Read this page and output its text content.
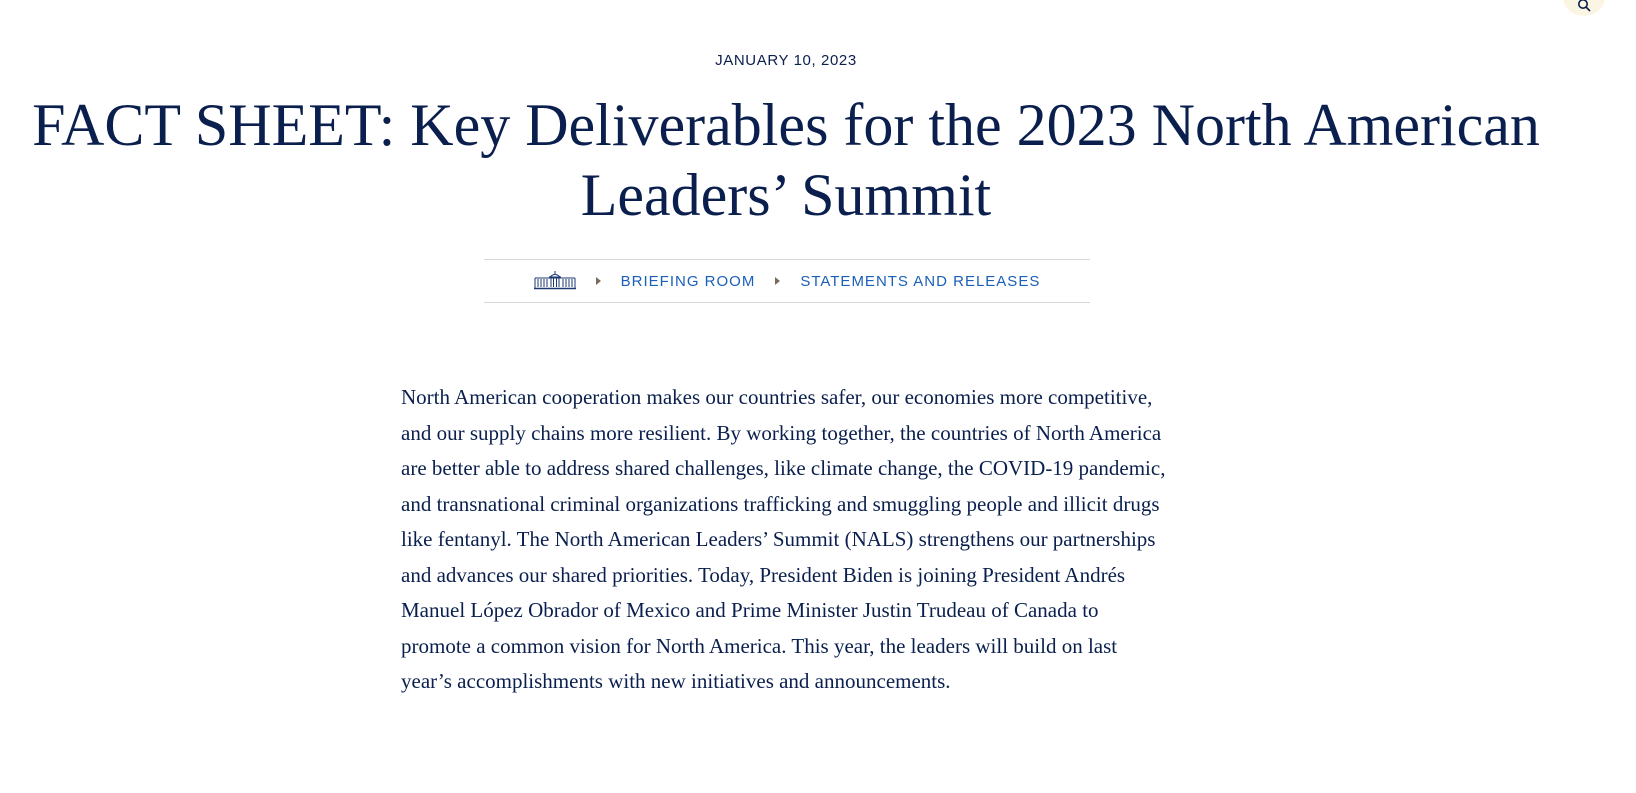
JANUARY 10, 2023
FACT SHEET: Key Deliverables for the 2023 North American Leaders’ Summit
BRIEFING ROOM	STATEMENTS AND RELEASES

North American cooperation makes our countries safer, our economies more competitive, and our supply chains more resilient. By working together, the countries of North America are better able to address shared challenges, like climate change, the COVID-19 pandemic, and transnational criminal organizations trafficking and smuggling people and illicit drugs like fentanyl. The North American Leaders’ Summit (NALS) strengthens our partnerships and advances our shared priorities. Today, President Biden is joining President Andrés Manuel López Obrador of Mexico and Prime Minister Justin Trudeau of Canada to promote a common vision for North America. This year, the leaders will build on last year’s accomplishments with new initiatives and announcements.
